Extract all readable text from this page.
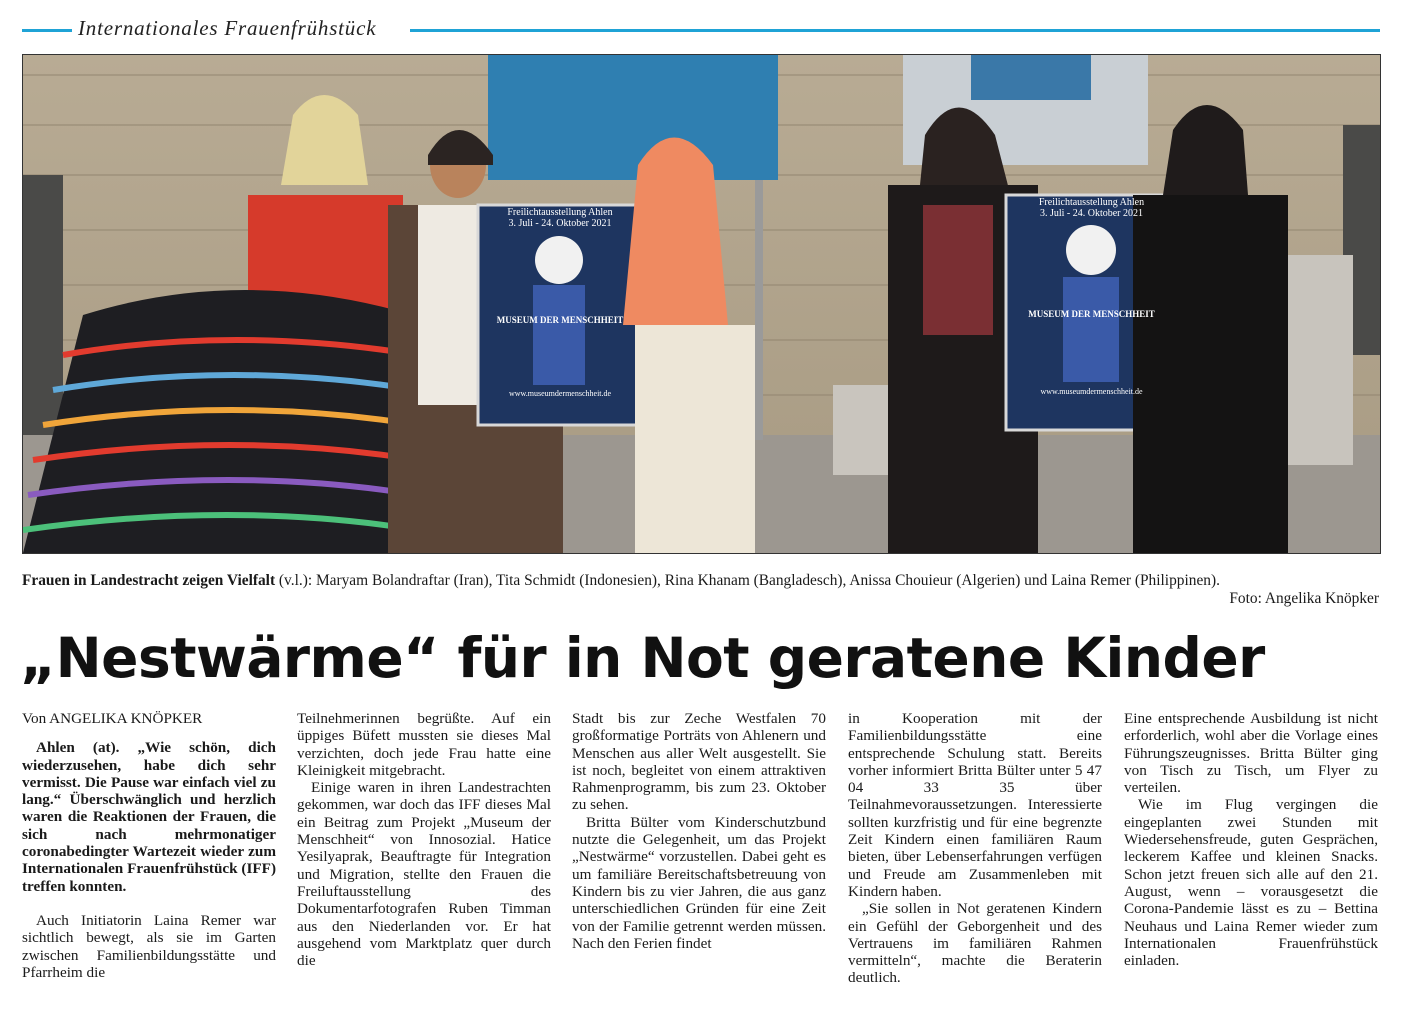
Internationales Frauenfrühstück
Freilichtausstellung Ahlen
3. Juli - 24. Oktober 2021
MUSEUM DER MENSCHHEIT
www.museumdermenschheit.de
Freilichtausstellung Ahlen
3. Juli - 24. Oktober 2021
MUSEUM DER MENSCHHEIT
www.museumdermenschheit.de
Frauen in Landestracht zeigen Vielfalt (v.l.): Maryam Bolandraftar (Iran), Tita Schmidt (Indonesien), Rina Khanam (Bangladesch), Anissa Chouieur (Algerien) und Laina Remer (Philippinen).
Foto: Angelika Knöpker
„Nestwärme“ für in Not geratene Kinder

Von ANGELIKA KNÖPKER

Ahlen (at). „Wie schön, dich wiederzusehen, habe dich sehr vermisst. Die Pause war einfach viel zu lang.“ Überschwänglich und herzlich waren die Reaktionen der Frauen, die sich nach mehrmonatiger coronabedingter Wartezeit wieder zum Internationalen Frauenfrühstück (IFF) treffen konnten.

Auch Initiatorin Laina Remer war sichtlich bewegt, als sie im Garten zwischen Familienbildungsstätte und Pfarrheim die

Teilnehmerinnen begrüßte. Auf ein üppiges Büfett mussten sie dieses Mal verzichten, doch jede Frau hatte eine Kleinigkeit mitgebracht.

Einige waren in ihren Landestrachten gekommen, war doch das IFF dieses Mal ein Beitrag zum Projekt „Museum der Menschheit“ von Innosozial. Hatice Yesilyaprak, Beauftragte für Integration und Migration, stellte den Frauen die Freiluftausstellung des Dokumentarfotografen Ruben Timman aus den Niederlanden vor. Er hat ausgehend vom Marktplatz quer durch die

Stadt bis zur Zeche Westfalen 70 großformatige Porträts von Ahlenern und Menschen aus aller Welt ausgestellt. Sie ist noch, begleitet von einem attraktiven Rahmenprogramm, bis zum 23. Oktober zu sehen.

Britta Bülter vom Kinderschutzbund nutzte die Gelegenheit, um das Projekt „Nestwärme“ vorzustellen. Dabei geht es um familiäre Bereitschaftsbetreuung von Kindern bis zu vier Jahren, die aus ganz unterschiedlichen Gründen für eine Zeit von der Familie getrennt werden müssen. Nach den Ferien findet

in Kooperation mit der Familienbildungsstätte eine entsprechende Schulung statt. Bereits vorher informiert Britta Bülter unter 5 47 04 33 35 über Teilnahmevoraussetzungen. Interessierte sollten kurzfristig und für eine begrenzte Zeit Kindern einen familiären Raum bieten, über Lebenserfahrungen verfügen und Freude am Zusammenleben mit Kindern haben.

„Sie sollen in Not geratenen Kindern ein Gefühl der Geborgenheit und des Vertrauens im familiären Rahmen vermitteln“, machte die Beraterin deutlich.

Eine entsprechende Ausbildung ist nicht erforderlich, wohl aber die Vorlage eines Führungszeugnisses. Britta Bülter ging von Tisch zu Tisch, um Flyer zu verteilen.

Wie im Flug vergingen die eingeplanten zwei Stunden mit Wiedersehensfreude, guten Gesprächen, leckerem Kaffee und kleinen Snacks. Schon jetzt freuen sich alle auf den 21. August, wenn – vorausgesetzt die Corona-Pandemie lässt es zu – Bettina Neuhaus und Laina Remer wieder zum Internationalen Frauenfrühstück einladen.
